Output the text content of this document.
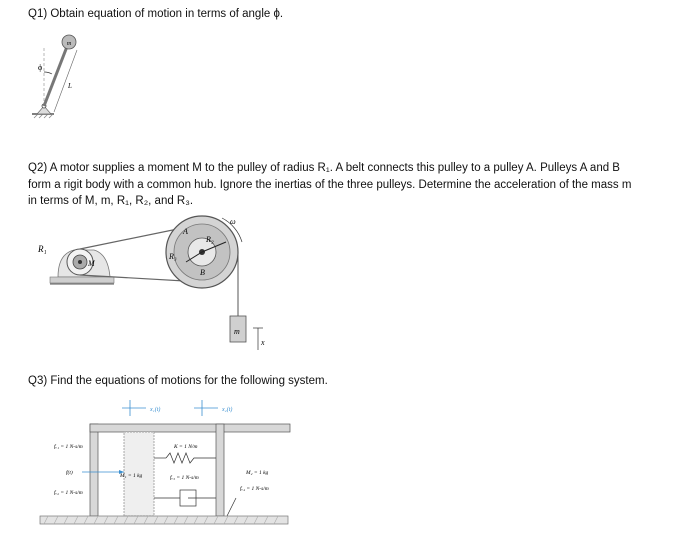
Q1) Obtain equation of motion in terms of angle ϕ.
m
ϕ
L
Q2) A motor supplies a moment M to the pulley of radius R₁. A belt connects this pulley to a pulley A. Pulleys A and B
form a rigit body with a common hub. Ignore the inertias of the three pulleys. Determine the acceleration of the mass m
in terms of M, m, R₁, R₂, and R₃.
R₁
M
A
R₂
R₃
B
ω
m
x
Q3) Find the equations of motions for the following system.
x₁(t)	x₂(t)
fᵥ₁ = 1 N-s/m
f(t)
fᵥ₂ = 1 N-s/m
M₁ = 1 kg
K = 1 N/m
fᵥ₃ = 1 N-s/m
M₂ = 1 kg
fᵥ₄ = 1 N-s/m
